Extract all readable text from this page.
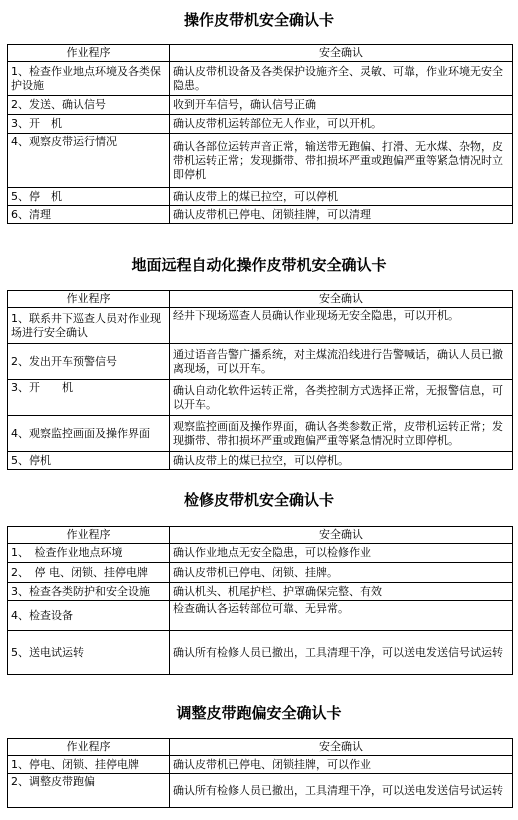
操作皮带机安全确认卡
作业程序	安全确认
1、检查作业地点环境及各类保护设施	确认皮带机设备及各类保护设施齐全、灵敏、可靠，作业环境无安全隐患。
2、发送、确认信号	收到开车信号，确认信号正确
3、开　机	确认皮带机运转部位无人作业，可以开机。
4、观察皮带运行情况	确认各部位运转声音正常，输送带无跑偏、打滑、无水煤、杂物，皮带机运转正常；发现撕带、带扣损坏严重或跑偏严重等紧急情况时立即停机
5、停　机	确认皮带上的煤已拉空，可以停机
6、清理	确认皮带机已停电、闭锁挂牌，可以清理
地面远程自动化操作皮带机安全确认卡
作业程序	安全确认
1、联系井下巡查人员对作业现场进行安全确认	经井下现场巡查人员确认作业现场无安全隐患，可以开机。
2、发出开车预警信号	通过语音告警广播系统，对主煤流沿线进行告警喊话，确认人员已撤离现场，可以开车。
3、开　　机	确认自动化软件运转正常，各类控制方式选择正常，无报警信息，可以开车。
4、观察监控画面及操作界面	观察监控画面及操作界面，确认各类参数正常，皮带机运转正常；发现撕带、带扣损坏严重或跑偏严重等紧急情况时立即停机。
5、停机	确认皮带上的煤已拉空，可以停机。
检修皮带机安全确认卡
作业程序	安全确认
1、　检查作业地点环境	确认作业地点无安全隐患，可以检修作业
2、　停 电、闭锁、挂停电牌	确认皮带机已停电、闭锁、挂牌。
3、检查各类防护和安全设施	确认机头、机尾护栏、护罩确保完整、有效
4、检查设备	检查确认各运转部位可靠、无异常。
5、送电试运转	确认所有检修人员已撤出，工具清理干净，可以送电发送信号试运转
调整皮带跑偏安全确认卡
作业程序	安全确认
1、停电、闭锁、挂停电牌	确认皮带机已停电、闭锁挂牌，可以作业
2、调整皮带跑偏	确认所有检修人员已撤出，工具清理干净，可以送电发送信号试运转
